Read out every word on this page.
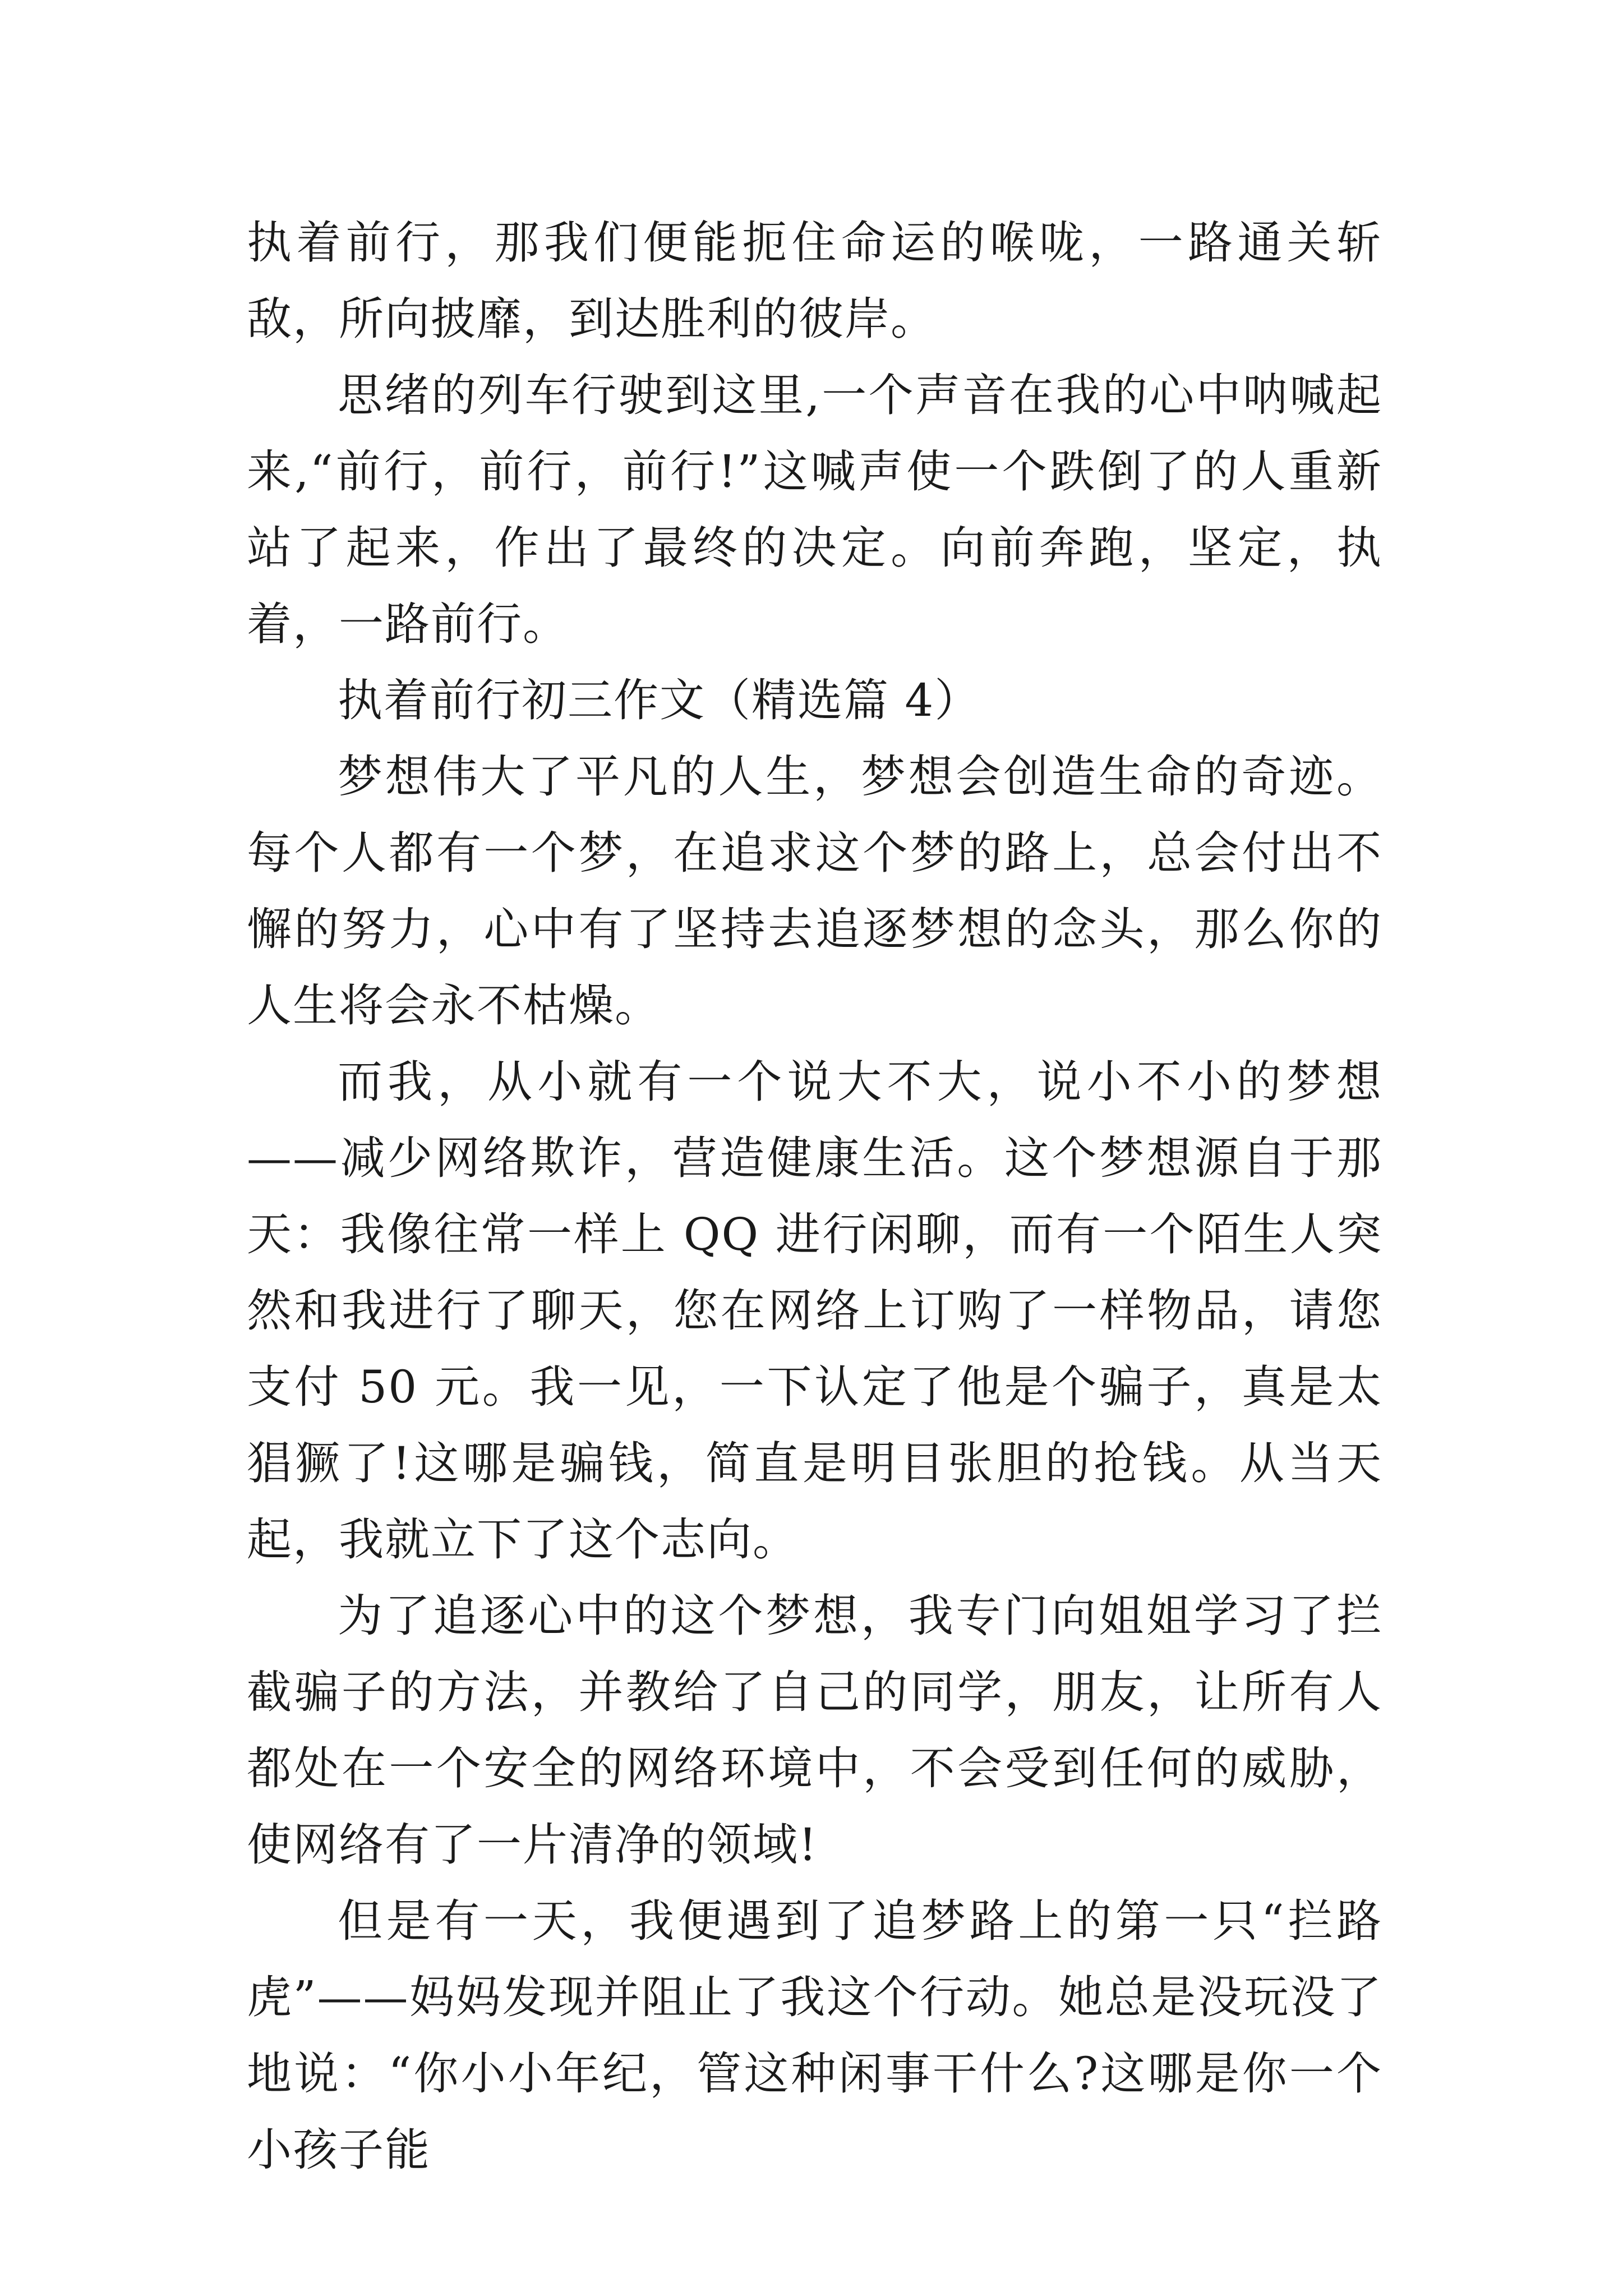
执着前行，那我们便能扼住命运的喉咙，一路通关斩敌，所向披靡，到达胜利的彼岸。

思绪的列车行驶到这里,一个声音在我的心中呐喊起来,“前行，前行，前行!”这喊声使一个跌倒了的人重新站了起来，作出了最终的决定。向前奔跑，坚定，执着，一路前行。

执着前行初三作文（精选篇 4）

梦想伟大了平凡的人生，梦想会创造生命的奇迹。每个人都有一个梦，在追求这个梦的路上，总会付出不懈的努力，心中有了坚持去追逐梦想的念头，那么你的人生将会永不枯燥。

而我，从小就有一个说大不大，说小不小的梦想——减少网络欺诈，营造健康生活。这个梦想源自于那天：我像往常一样上 QQ 进行闲聊，而有一个陌生人突然和我进行了聊天，您在网络上订购了一样物品，请您支付 50 元。我一见，一下认定了他是个骗子，真是太猖獗了!这哪是骗钱，简直是明目张胆的抢钱。从当天起，我就立下了这个志向。

为了追逐心中的这个梦想，我专门向姐姐学习了拦截骗子的方法，并教给了自己的同学，朋友，让所有人都处在一个安全的网络环境中，不会受到任何的威胁，使网络有了一片清净的领域!

但是有一天，我便遇到了追梦路上的第一只“拦路虎”——妈妈发现并阻止了我这个行动。她总是没玩没了地说：“你小小年纪，管这种闲事干什么?这哪是你一个小孩子能
